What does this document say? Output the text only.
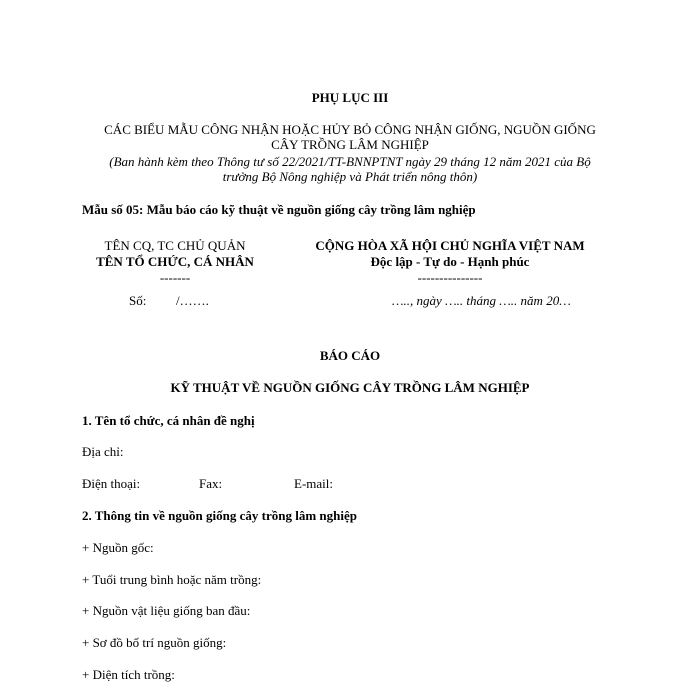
PHỤ LỤC III
CÁC BIỂU MẪU CÔNG NHẬN HOẶC HỦY BỎ CÔNG NHẬN GIỐNG, NGUỒN GIỐNG
CÂY TRỒNG LÂM NGHIỆP
(Ban hành kèm theo Thông tư số 22/2021/TT-BNNPTNT ngày 29 tháng 12 năm 2021 của Bộ
trưởng Bộ Nông nghiệp và Phát triển nông thôn)
Mẫu số 05: Mẫu báo cáo kỹ thuật về nguồn giống cây trồng lâm nghiệp
TÊN CQ, TC CHỦ QUẢN
TÊN TỔ CHỨC, CÁ NHÂN
-------
Số: /…….
CỘNG HÒA XÃ HỘI CHỦ NGHĨA VIỆT NAM
Độc lập - Tự do - Hạnh phúc
---------------
….., ngày ….. tháng ….. năm 20…
BÁO CÁO
KỸ THUẬT VỀ NGUỒN GIỐNG CÂY TRỒNG LÂM NGHIỆP
1. Tên tổ chức, cá nhân đề nghị
Địa chỉ:
Điện thoại:	Fax:	E-mail:
2. Thông tin về nguồn giống cây trồng lâm nghiệp
+ Nguồn gốc:
+ Tuổi trung bình hoặc năm trồng:
+ Nguồn vật liệu giống ban đầu:
+ Sơ đồ bố trí nguồn giống:
+ Diện tích trồng:
